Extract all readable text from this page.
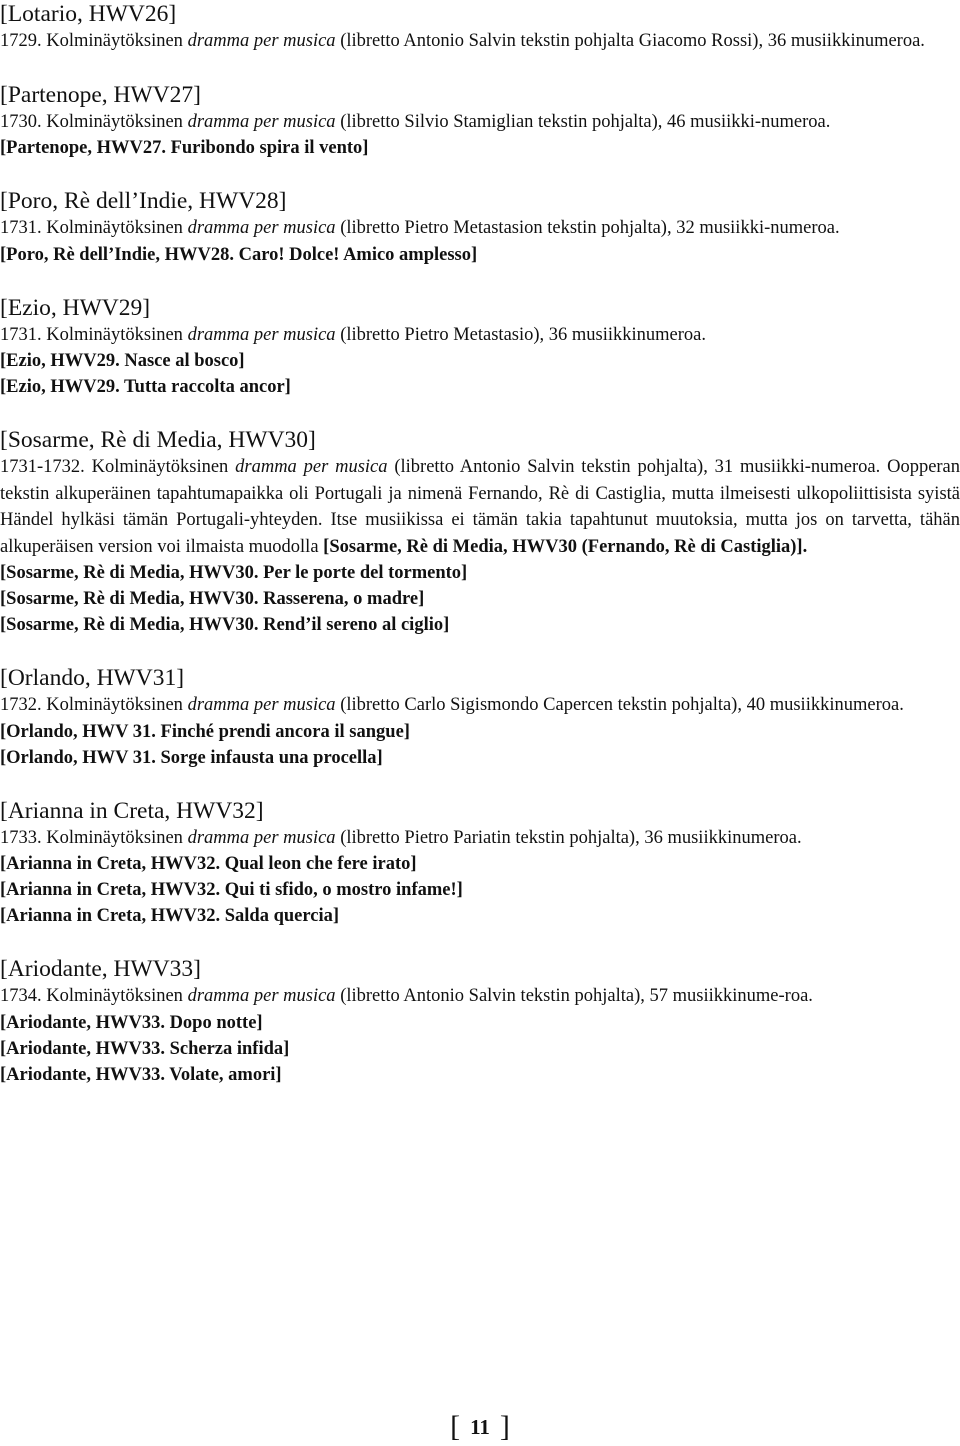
[Lotario, HWV26]

1729. Kolminäytöksinen dramma per musica (libretto Antonio Salvin tekstin pohjalta Giacomo Rossi), 36 musiikkinumeroa.

[Partenope, HWV27]

1730. Kolminäytöksinen dramma per musica (libretto Silvio Stamiglian tekstin pohjalta), 46 musiikki-numeroa.

[Partenope, HWV27. Furibondo spira il vento]
[Poro, Rè dell’Indie, HWV28]

1731. Kolminäytöksinen dramma per musica (libretto Pietro Metastasion tekstin pohjalta), 32 musiikki-numeroa.

[Poro, Rè dell’Indie, HWV28. Caro! Dolce! Amico amplesso]
[Ezio, HWV29]

1731. Kolminäytöksinen dramma per musica (libretto Pietro Metastasio), 36 musiikkinumeroa.

[Ezio, HWV29. Nasce al bosco]
[Ezio, HWV29. Tutta raccolta ancor]
[Sosarme, Rè di Media, HWV30]

1731-1732. Kolminäytöksinen dramma per musica (libretto Antonio Salvin tekstin pohjalta), 31 musiikki-numeroa. Oopperan tekstin alkuperäinen tapahtumapaikka oli Portugali ja nimenä Fernando, Rè di Castiglia, mutta ilmeisesti ulkopoliittisista syistä Händel hylkäsi tämän Portugali-yhteyden. Itse musiikissa ei tämän takia tapahtunut muutoksia, mutta jos on tarvetta, tähän alkuperäisen version voi ilmaista muodolla [Sosarme, Rè di Media, HWV30 (Fernando, Rè di Castiglia)].

[Sosarme, Rè di Media, HWV30. Per le porte del tormento]
[Sosarme, Rè di Media, HWV30. Rasserena, o madre]
[Sosarme, Rè di Media, HWV30. Rend’il sereno al ciglio]
[Orlando, HWV31]

1732. Kolminäytöksinen dramma per musica (libretto Carlo Sigismondo Capercen tekstin pohjalta), 40 musiikkinumeroa.

[Orlando, HWV 31. Finché prendi ancora il sangue]
[Orlando, HWV 31. Sorge infausta una procella]
[Arianna in Creta, HWV32]

1733. Kolminäytöksinen dramma per musica (libretto Pietro Pariatin tekstin pohjalta), 36 musiikkinumeroa.

[Arianna in Creta, HWV32. Qual leon che fere irato]
[Arianna in Creta, HWV32. Qui ti sfido, o mostro infame!]
[Arianna in Creta, HWV32. Salda quercia]
[Ariodante, HWV33]

1734. Kolminäytöksinen dramma per musica (libretto Antonio Salvin tekstin pohjalta), 57 musiikkinume-roa.

[Ariodante, HWV33. Dopo notte]
[Ariodante, HWV33. Scherza infida]
[Ariodante, HWV33. Volate, amori]
[ 11 ]
